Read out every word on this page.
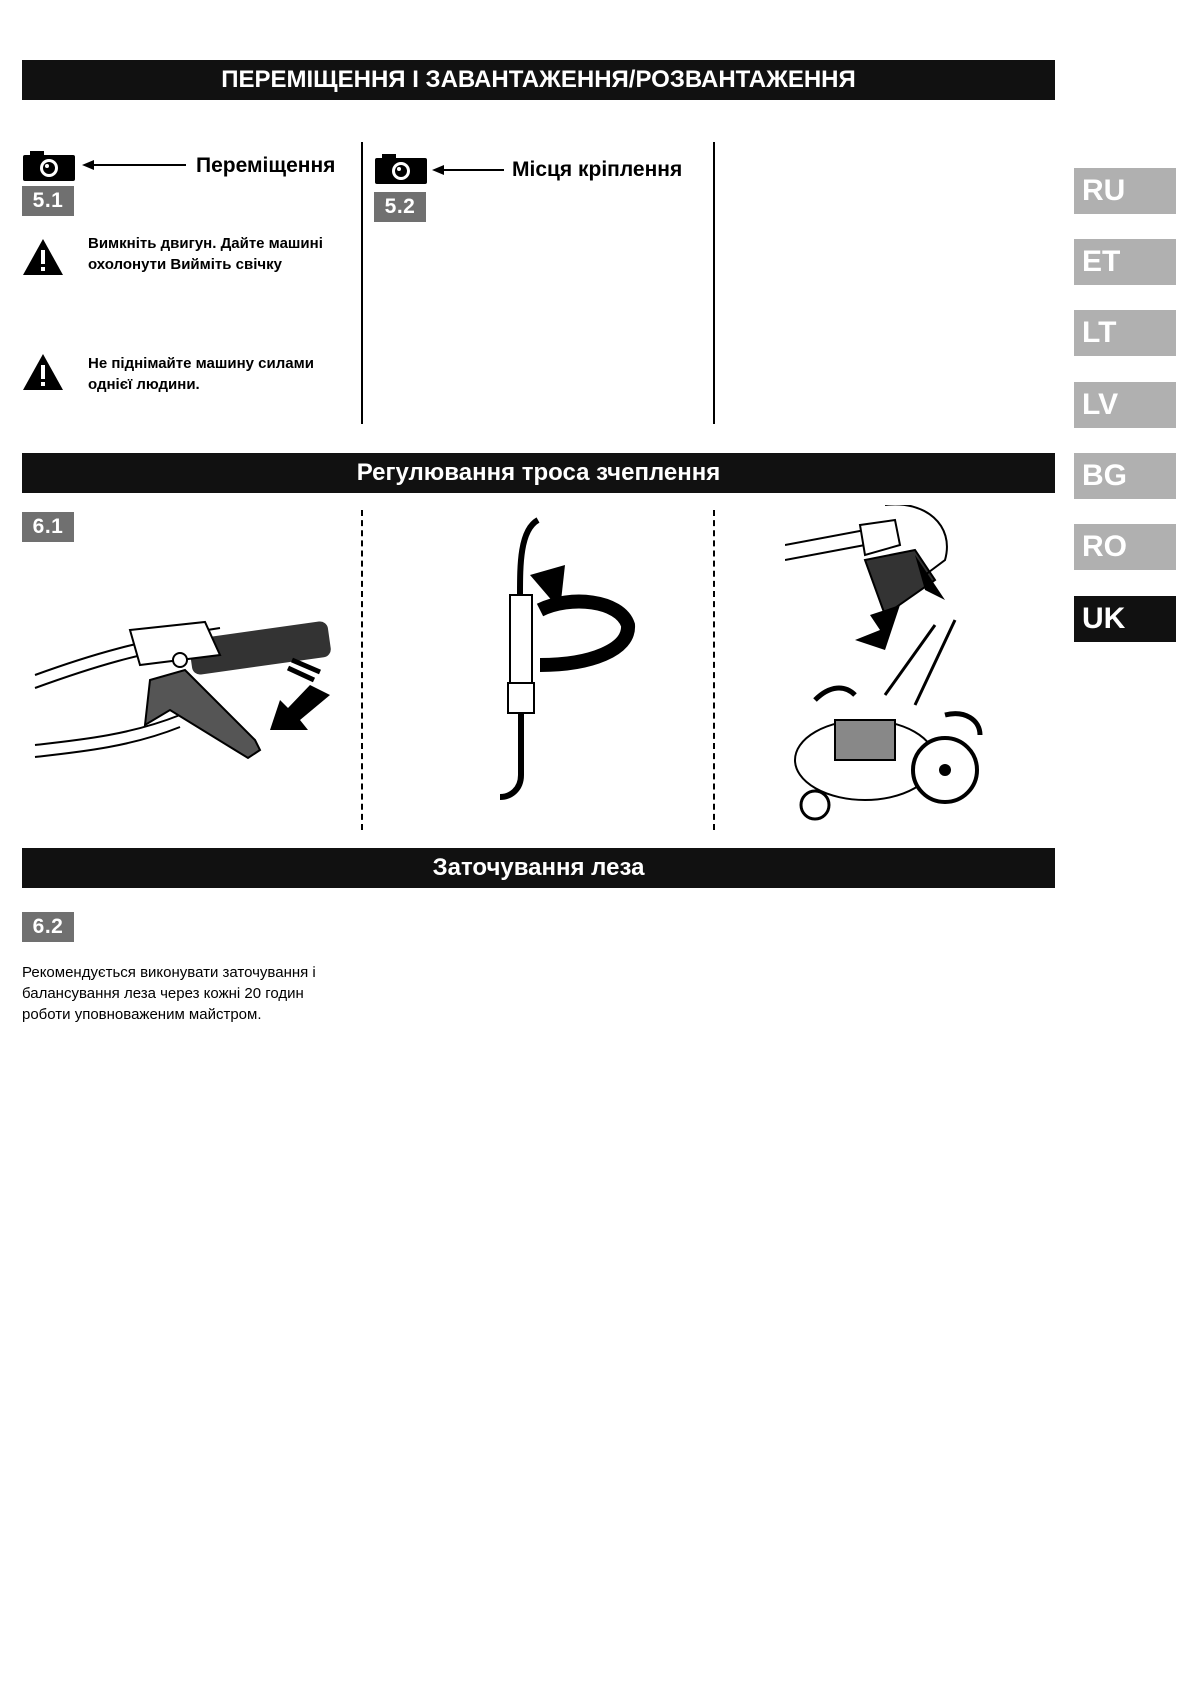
ПЕРЕМІЩЕННЯ І ЗАВАНТАЖЕННЯ/РОЗВАНТАЖЕННЯ
Переміщення
5.1
Вимкніть двигун. Дайте машині охолонути Вийміть свічку
Не піднімайте машину силами однієї людини.
Місця кріплення
5.2
Регулювання троса зчеплення
6.1
Заточування леза
6.2
Рекомендується виконувати заточування і балансування леза через кожні 20 годин роботи уповноваженим майстром.
RU
ET
LT
LV
BG
RO
UK
